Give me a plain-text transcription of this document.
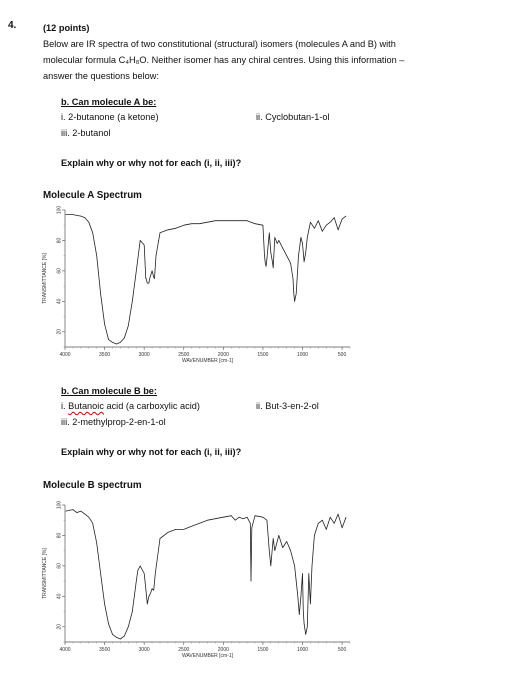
4.	(12 points)

Below are IR spectra of two constitutional (structural) isomers (molecules A and B) with

molecular formula C₄H₈O. Neither isomer has any chiral centres. Using this information –

answer the questions below:

b. Can molecule A be:
i. 2-butanone (a ketone)	ii. Cyclobutan-1-ol
iii. 2-butanol
Explain why or why not for each (i, ii, iii)?
Molecule A Spectrum
4000	3500	3000	2500	2000	1500	1000	500
100
80
60
40
20
WAVENUMBER [cm-1]
TRANSMITTANCE [%]
b. Can molecule B be:
i. Butanoic acid (a carboxylic acid)	ii. But-3-en-2-ol
iii. 2-methylprop-2-en-1-ol
Explain why or why not for each (i, ii, iii)?
Molecule B spectrum
4000	3500	3000	2500	2000	1500	1000	500
100
80
60
40
20
WAVENUMBER [cm-1]
TRANSMITTANCE [%]
